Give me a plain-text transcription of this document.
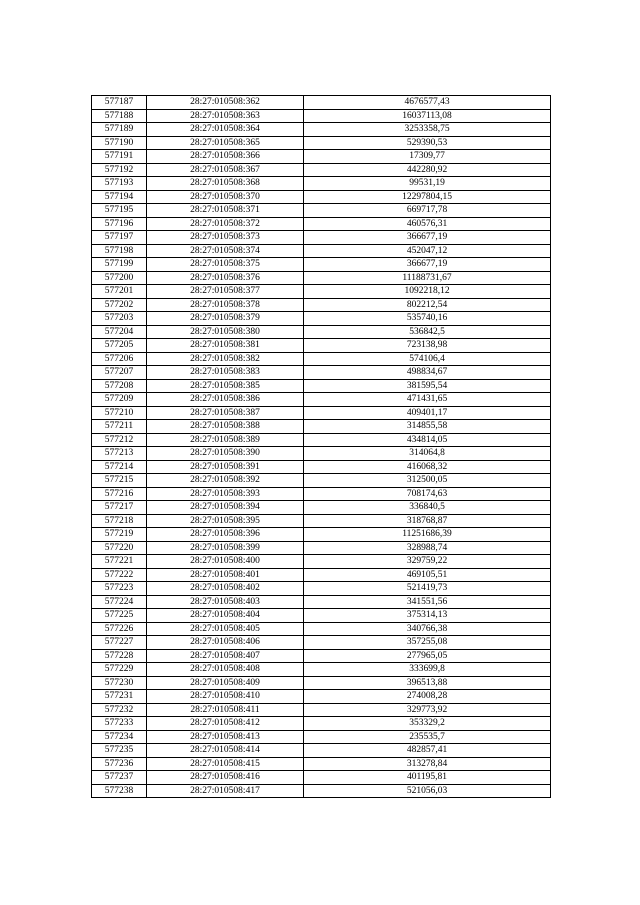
577187	28:27:010508:362	4676577,43
577188	28:27:010508:363	16037113,08
577189	28:27:010508:364	3253358,75
577190	28:27:010508:365	529390,53
577191	28:27:010508:366	17309,77
577192	28:27:010508:367	442280,92
577193	28:27:010508:368	99531,19
577194	28:27:010508:370	12297804,15
577195	28:27:010508:371	669717,78
577196	28:27:010508:372	460576,31
577197	28:27:010508:373	366677,19
577198	28:27:010508:374	452047,12
577199	28:27:010508:375	366677,19
577200	28:27:010508:376	11188731,67
577201	28:27:010508:377	1092218,12
577202	28:27:010508:378	802212,54
577203	28:27:010508:379	535740,16
577204	28:27:010508:380	536842,5
577205	28:27:010508:381	723138,98
577206	28:27:010508:382	574106,4
577207	28:27:010508:383	498834,67
577208	28:27:010508:385	381595,54
577209	28:27:010508:386	471431,65
577210	28:27:010508:387	409401,17
577211	28:27:010508:388	314855,58
577212	28:27:010508:389	434814,05
577213	28:27:010508:390	314064,8
577214	28:27:010508:391	416068,32
577215	28:27:010508:392	312500,05
577216	28:27:010508:393	708174,63
577217	28:27:010508:394	336840,5
577218	28:27:010508:395	318768,87
577219	28:27:010508:396	11251686,39
577220	28:27:010508:399	328988,74
577221	28:27:010508:400	329759,22
577222	28:27:010508:401	469105,51
577223	28:27:010508:402	521419,73
577224	28:27:010508:403	341551,56
577225	28:27:010508:404	375314,13
577226	28:27:010508:405	340766,38
577227	28:27:010508:406	357255,08
577228	28:27:010508:407	277965,05
577229	28:27:010508:408	333699,8
577230	28:27:010508:409	396513,88
577231	28:27:010508:410	274008,28
577232	28:27:010508:411	329773,92
577233	28:27:010508:412	353329,2
577234	28:27:010508:413	235535,7
577235	28:27:010508:414	482857,41
577236	28:27:010508:415	313278,84
577237	28:27:010508:416	401195,81
577238	28:27:010508:417	521056,03
